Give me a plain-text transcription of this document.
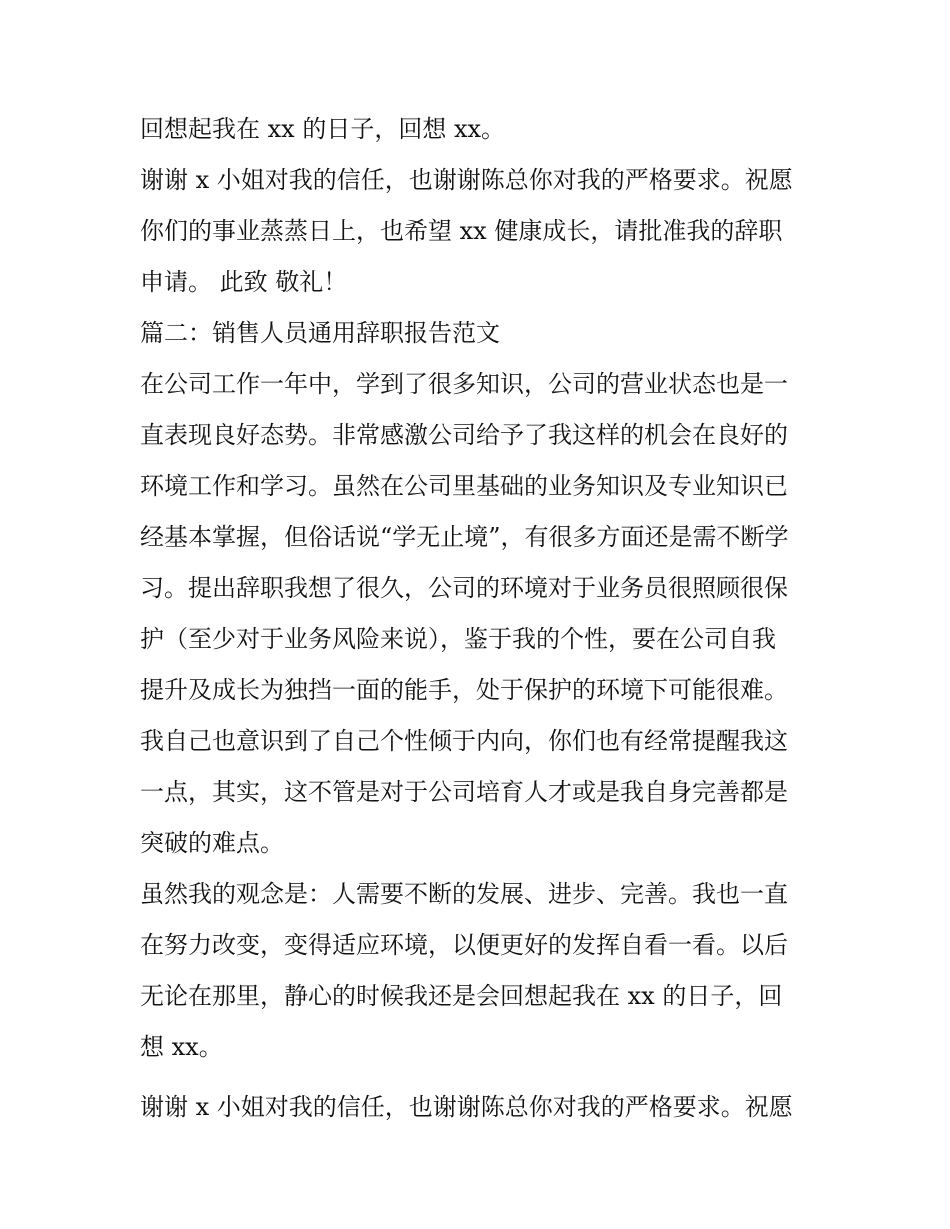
回想起我在 xx 的日子，回想 xx。
谢谢 x 小姐对我的信任，也谢谢陈总你对我的严格要求。祝愿
你们的事业蒸蒸日上，也希望 xx 健康成长，请批准我的辞职
申请。 此致 敬礼！
篇二：销售人员通用辞职报告范文
在公司工作一年中，学到了很多知识，公司的营业状态也是一
直表现良好态势。非常感激公司给予了我这样的机会在良好的
环境工作和学习。虽然在公司里基础的业务知识及专业知识已
经基本掌握，但俗话说“学无止境”，有很多方面还是需不断学
习。提出辞职我想了很久，公司的环境对于业务员很照顾很保
护（至少对于业务风险来说），鉴于我的个性，要在公司自我
提升及成长为独挡一面的能手，处于保护的环境下可能很难。
我自己也意识到了自己个性倾于内向，你们也有经常提醒我这
一点，其实，这不管是对于公司培育人才或是我自身完善都是
突破的难点。
虽然我的观念是：人需要不断的发展、进步、完善。我也一直
在努力改变，变得适应环境，以便更好的发挥自看一看。以后
无论在那里，静心的时候我还是会回想起我在 xx 的日子，回
想 xx。
谢谢 x 小姐对我的信任，也谢谢陈总你对我的严格要求。祝愿
